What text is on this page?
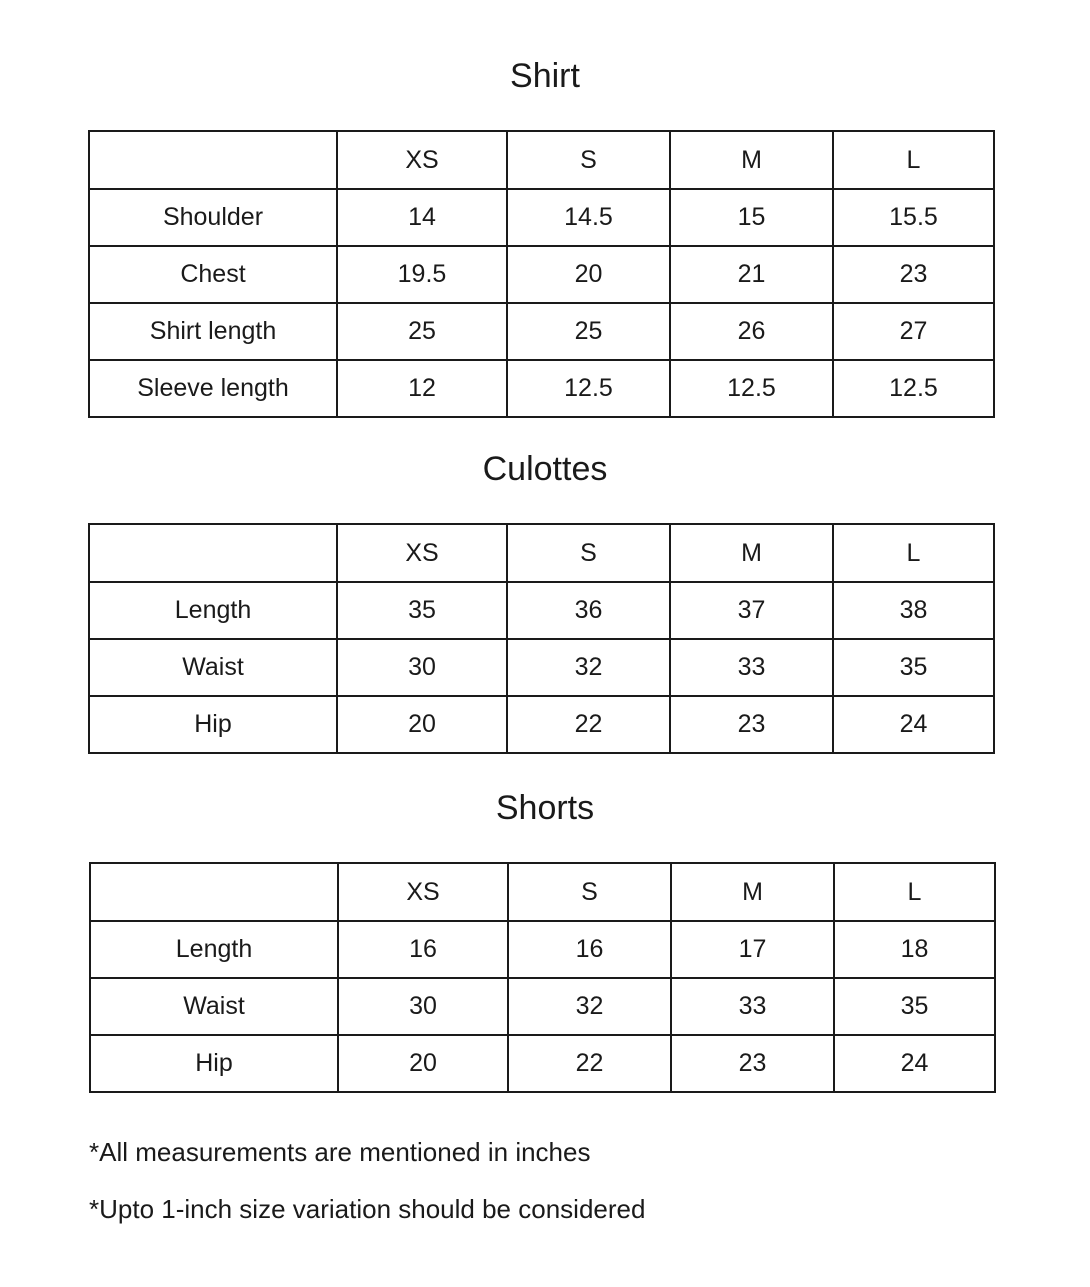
Shirt
	XS	S	M	L
Shoulder	14	14.5	15	15.5
Chest	19.5	20	21	23
Shirt length	25	25	26	27
Sleeve length	12	12.5	12.5	12.5
Culottes
	XS	S	M	L
Length	35	36	37	38
Waist	30	32	33	35
Hip	20	22	23	24
Shorts
	XS	S	M	L
Length	16	16	17	18
Waist	30	32	33	35
Hip	20	22	23	24

*All measurements are mentioned in inches

*Upto 1-inch size variation should be considered
